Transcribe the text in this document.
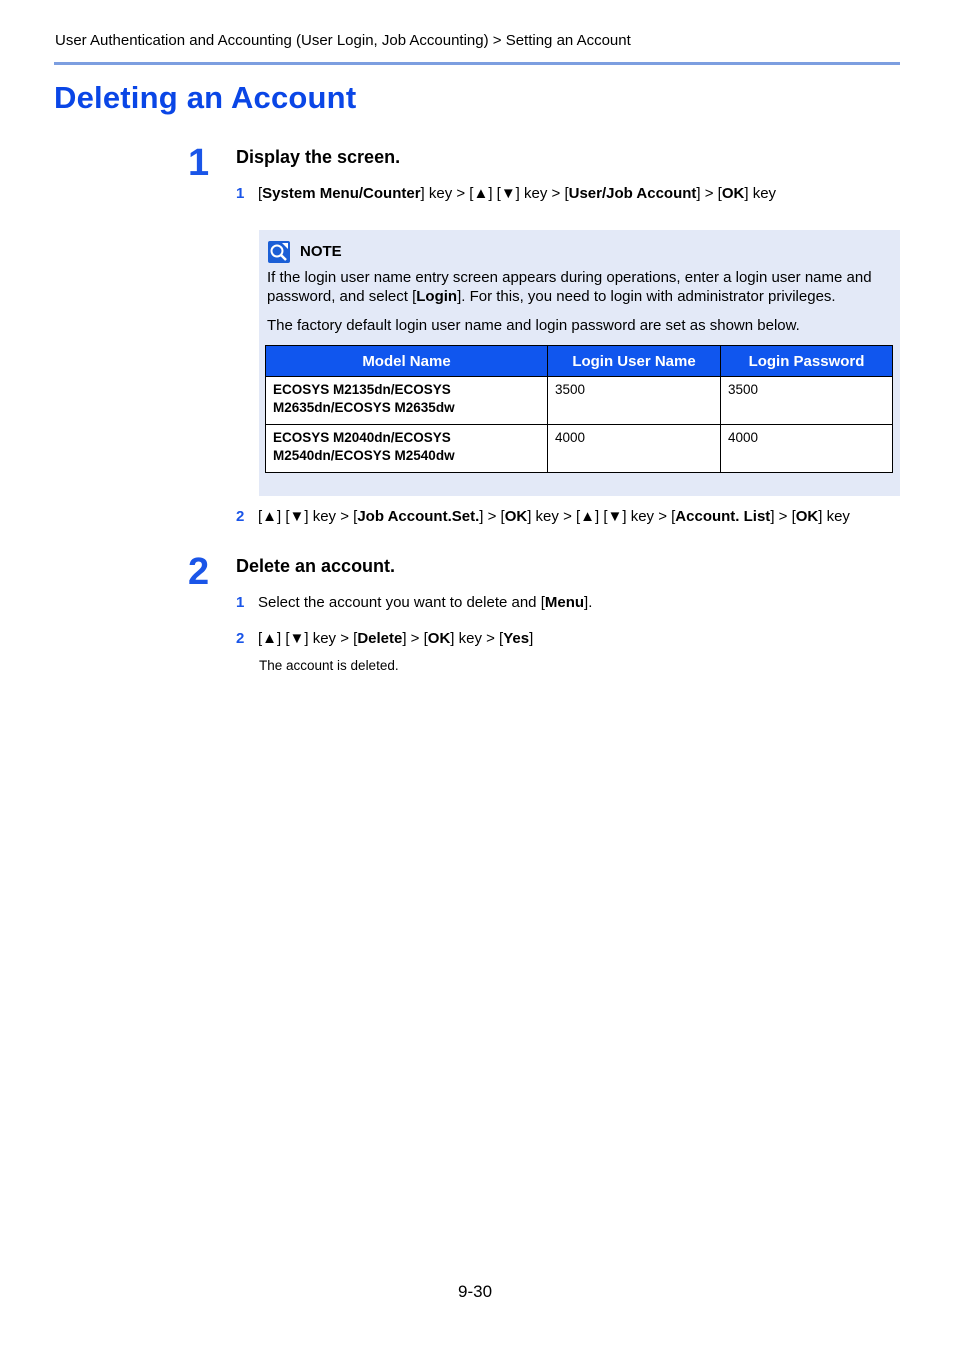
User Authentication and Accounting (User Login, Job Accounting) > Setting an Account
Deleting an Account
1 Display the screen.
1 [System Menu/Counter] key > [▲] [▼] key > [User/Job Account] > [OK] key
NOTE
If the login user name entry screen appears during operations, enter a login user name and password, and select [Login]. For this, you need to login with administrator privileges.
The factory default login user name and login password are set as shown below.
Model Name	Login User Name	Login Password
ECOSYS M2135dn/ECOSYS
M2635dn/ECOSYS M2635dw	3500	3500
ECOSYS M2040dn/ECOSYS
M2540dn/ECOSYS M2540dw	4000	4000
2 [▲] [▼] key > [Job Account.Set.] > [OK] key > [▲] [▼] key > [Account. List] > [OK] key
2 Delete an account.
1 Select the account you want to delete and [Menu].
2 [▲] [▼] key > [Delete] > [OK] key > [Yes]
The account is deleted.
9-30
